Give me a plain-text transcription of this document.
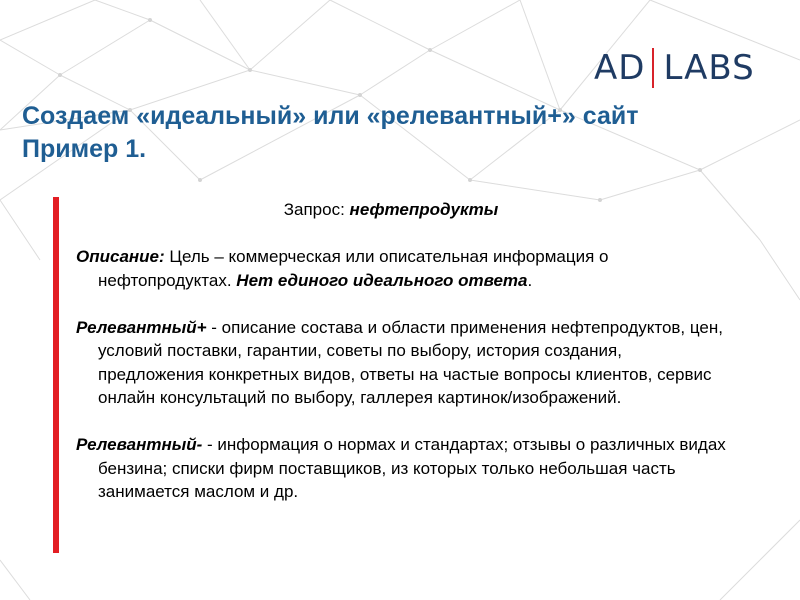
AD LABS
Создаем «идеальный» или «релевантный+» сайт
Пример 1.
Запрос: нефтепродукты

Описание: Цель – коммерческая или описательная информация о нефтопродуктах. Нет единого идеального ответа.

Релевантный+ - описание состава и области применения нефтепродуктов, цен, условий поставки, гарантии, советы по выбору, история создания, предложения конкретных видов, ответы на частые вопросы клиентов, сервис онлайн консультаций по выбору, галлерея картинок/изображений.

Релевантный- - информация о нормах и стандартах; отзывы о различных видах бензина; списки фирм поставщиков, из которых только небольшая часть занимается маслом и др.
